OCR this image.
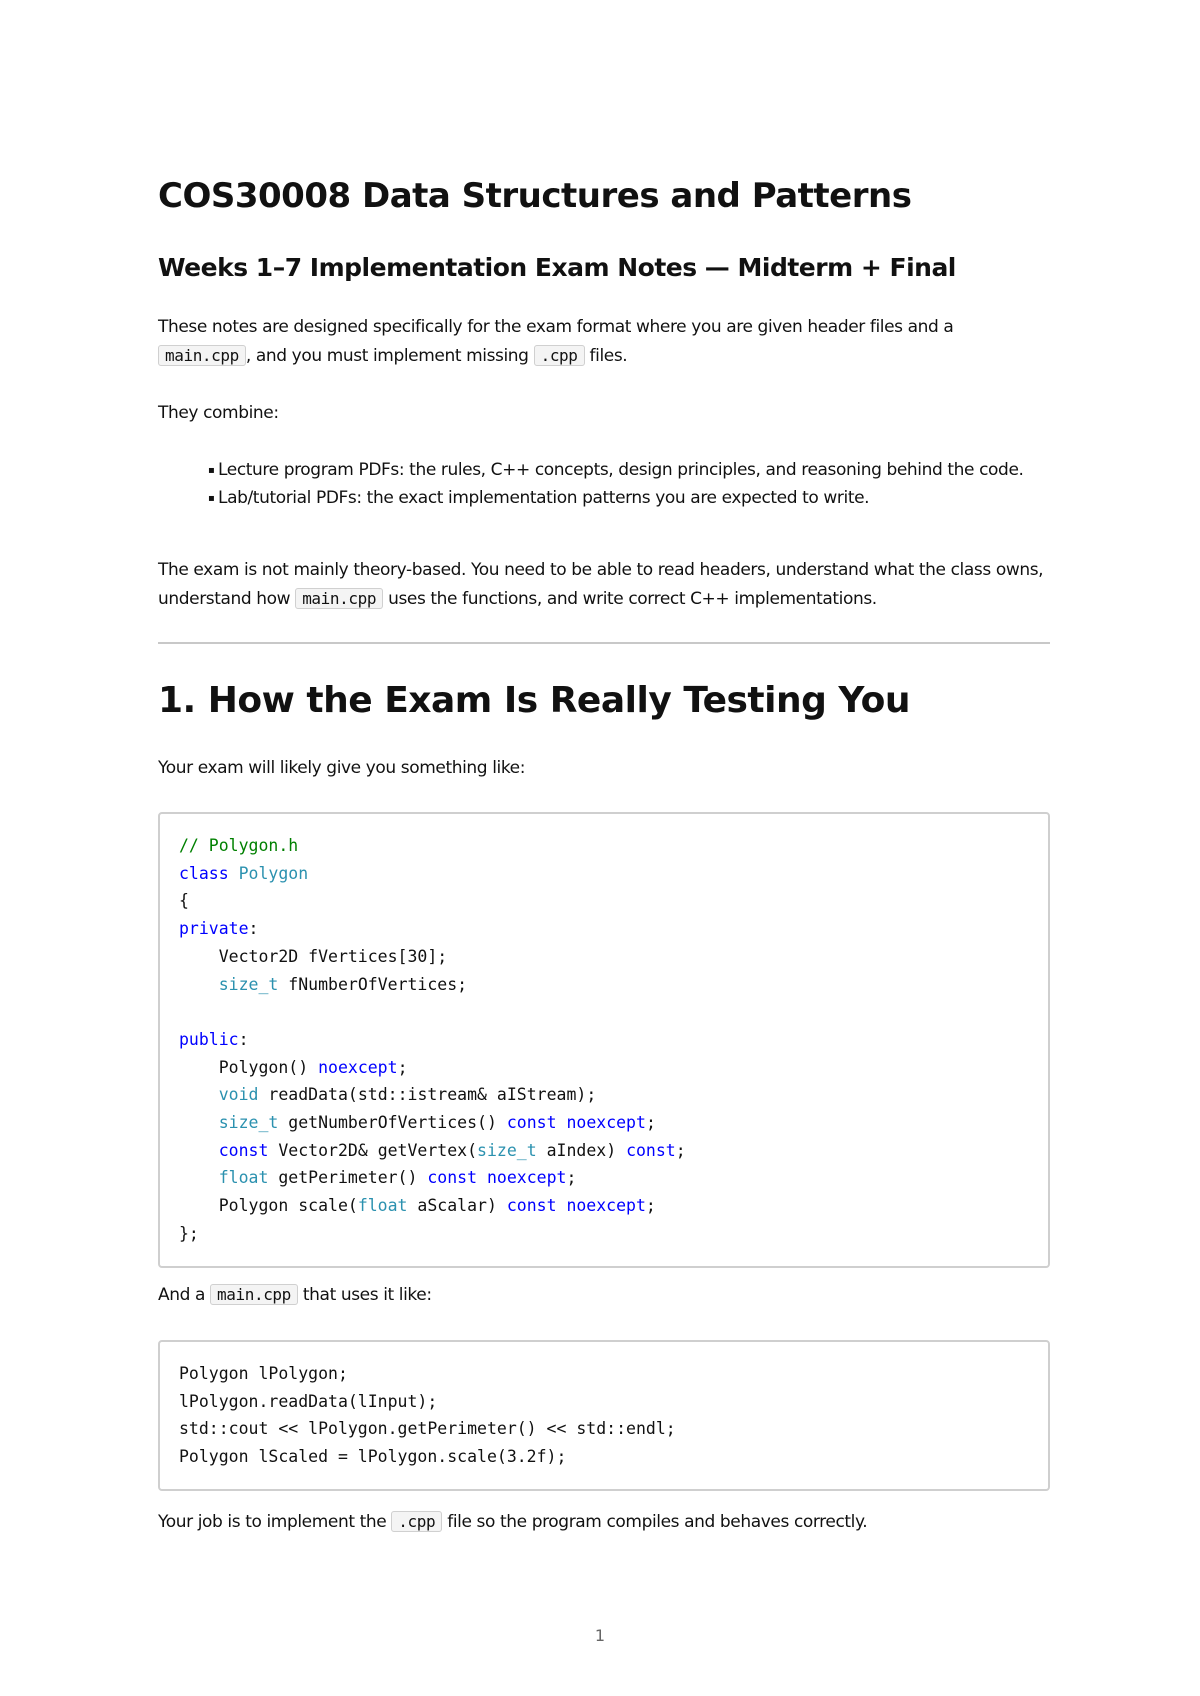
COS30008 Data Structures and Patterns
Weeks 1–7 Implementation Exam Notes — Midterm + Final

These notes are designed specifically for the exam format where you are given header files and a main.cpp , and you must implement missing .cpp files.

They combine:

▪ Lecture program PDFs: the rules, C++ concepts, design principles, and reasoning behind the code.
▪ Lab/tutorial PDFs: the exact implementation patterns you are expected to write.

The exam is not mainly theory-based. You need to be able to read headers, understand what the class owns, understand how main.cpp uses the functions, and write correct C++ implementations.

1. How the Exam Is Really Testing You

Your exam will likely give you something like:

// Polygon.h
class Polygon
{
private:
Vector2D fVertices[30];
size_t fNumberOfVertices;

public:
Polygon() noexcept;
void readData(std::istream& aIStream);
size_t getNumberOfVertices() const noexcept;
const Vector2D& getVertex(size_t aIndex) const;
float getPerimeter() const noexcept;
Polygon scale(float aScalar) const noexcept;
};

And a main.cpp that uses it like:

Polygon lPolygon;
lPolygon.readData(lInput);
std::cout << lPolygon.getPerimeter() << std::endl;
Polygon lScaled = lPolygon.scale(3.2f);

Your job is to implement the .cpp file so the program compiles and behaves correctly.

1
